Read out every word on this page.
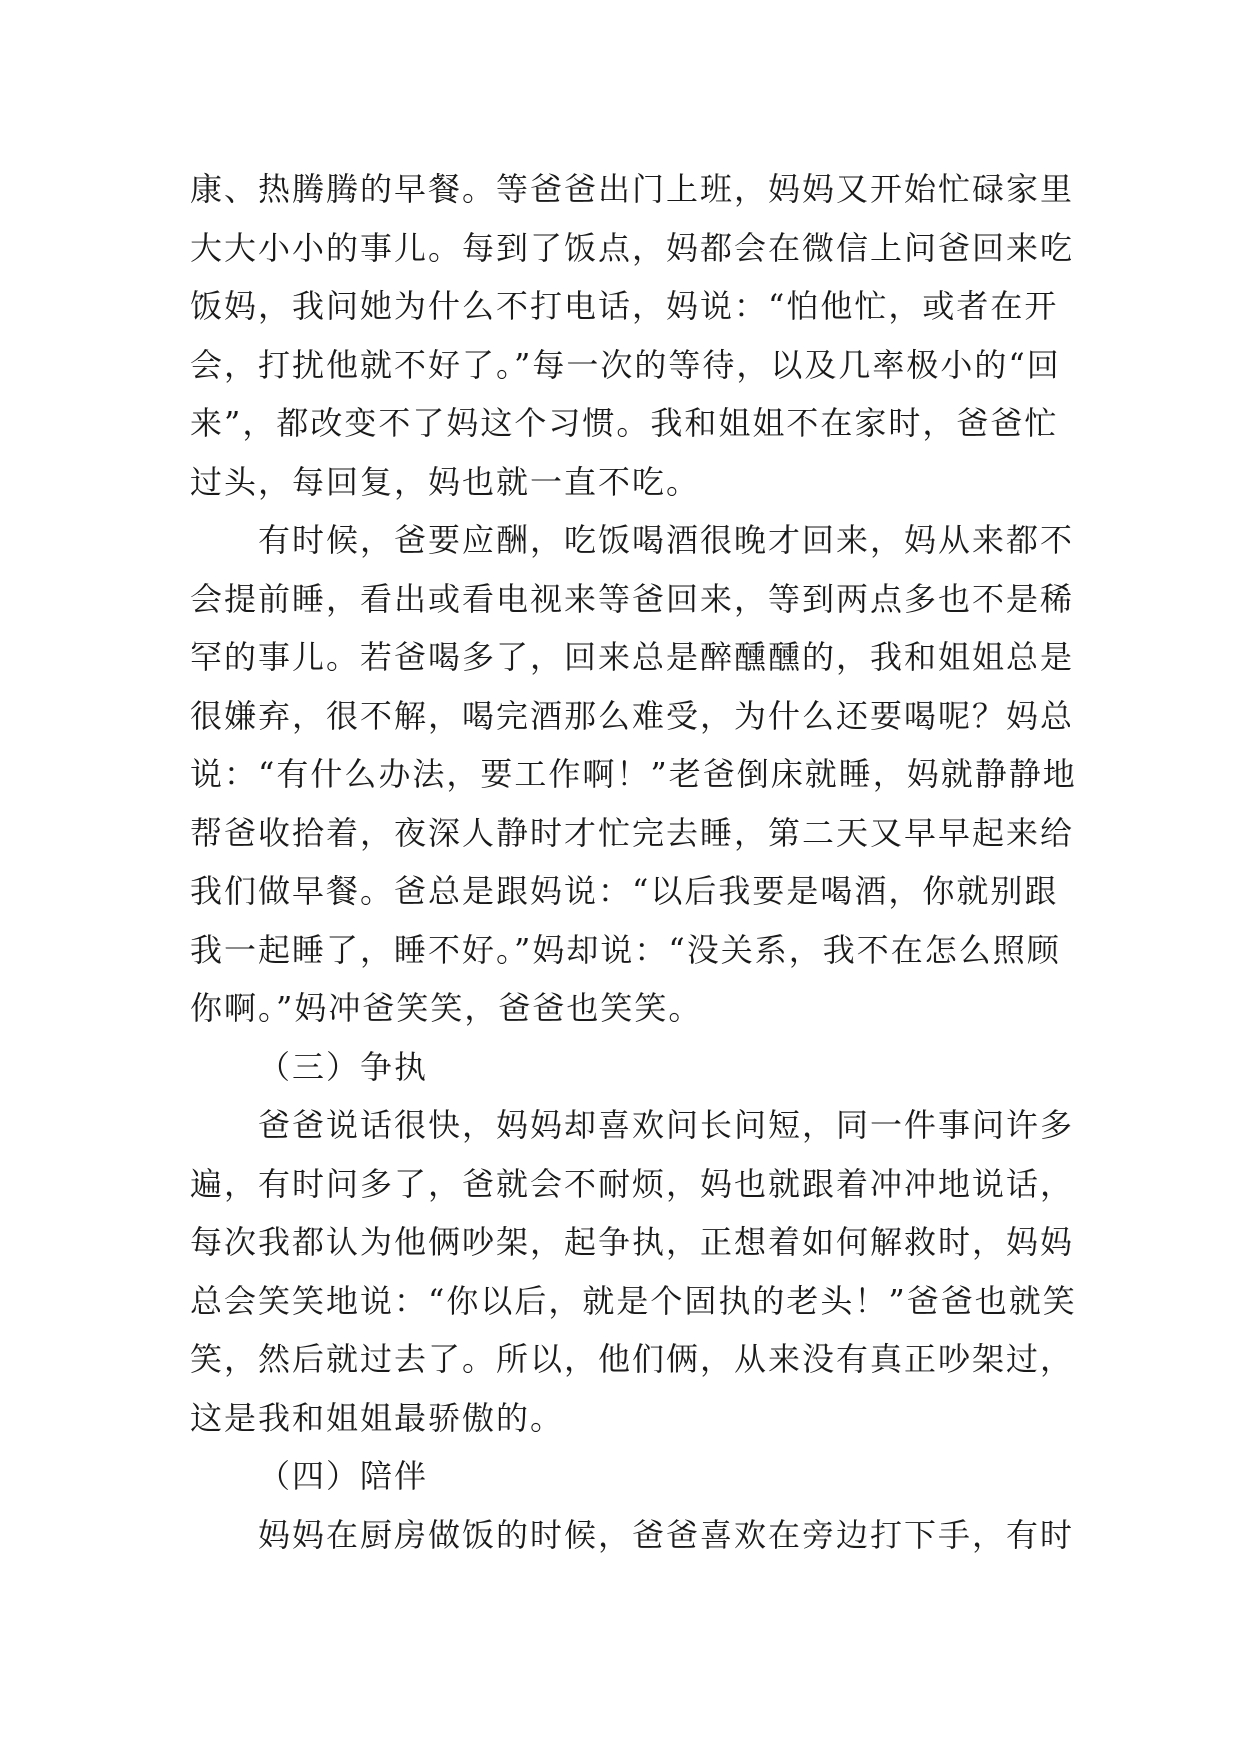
康、热腾腾的早餐。等爸爸出门上班，妈妈又开始忙碌家里
大大小小的事儿。每到了饭点，妈都会在微信上问爸回来吃
饭妈，我问她为什么不打电话，妈说：“怕他忙，或者在开
会，打扰他就不好了。”每一次的等待，以及几率极小的“回
来”，都改变不了妈这个习惯。我和姐姐不在家时，爸爸忙
过头，每回复，妈也就一直不吃。
有时候，爸要应酬，吃饭喝酒很晚才回来，妈从来都不
会提前睡，看出或看电视来等爸回来，等到两点多也不是稀
罕的事儿。若爸喝多了，回来总是醉醺醺的，我和姐姐总是
很嫌弃，很不解，喝完酒那么难受，为什么还要喝呢？妈总
说：“有什么办法，要工作啊！”老爸倒床就睡，妈就静静地
帮爸收拾着，夜深人静时才忙完去睡，第二天又早早起来给
我们做早餐。爸总是跟妈说：“以后我要是喝酒，你就别跟
我一起睡了，睡不好。”妈却说：“没关系，我不在怎么照顾
你啊。”妈冲爸笑笑，爸爸也笑笑。
（三）争执
爸爸说话很快，妈妈却喜欢问长问短，同一件事问许多
遍，有时问多了，爸就会不耐烦，妈也就跟着冲冲地说话，
每次我都认为他俩吵架，起争执，正想着如何解救时，妈妈
总会笑笑地说：“你以后，就是个固执的老头！”爸爸也就笑
笑，然后就过去了。所以，他们俩，从来没有真正吵架过，
这是我和姐姐最骄傲的。
（四）陪伴
妈妈在厨房做饭的时候，爸爸喜欢在旁边打下手，有时
